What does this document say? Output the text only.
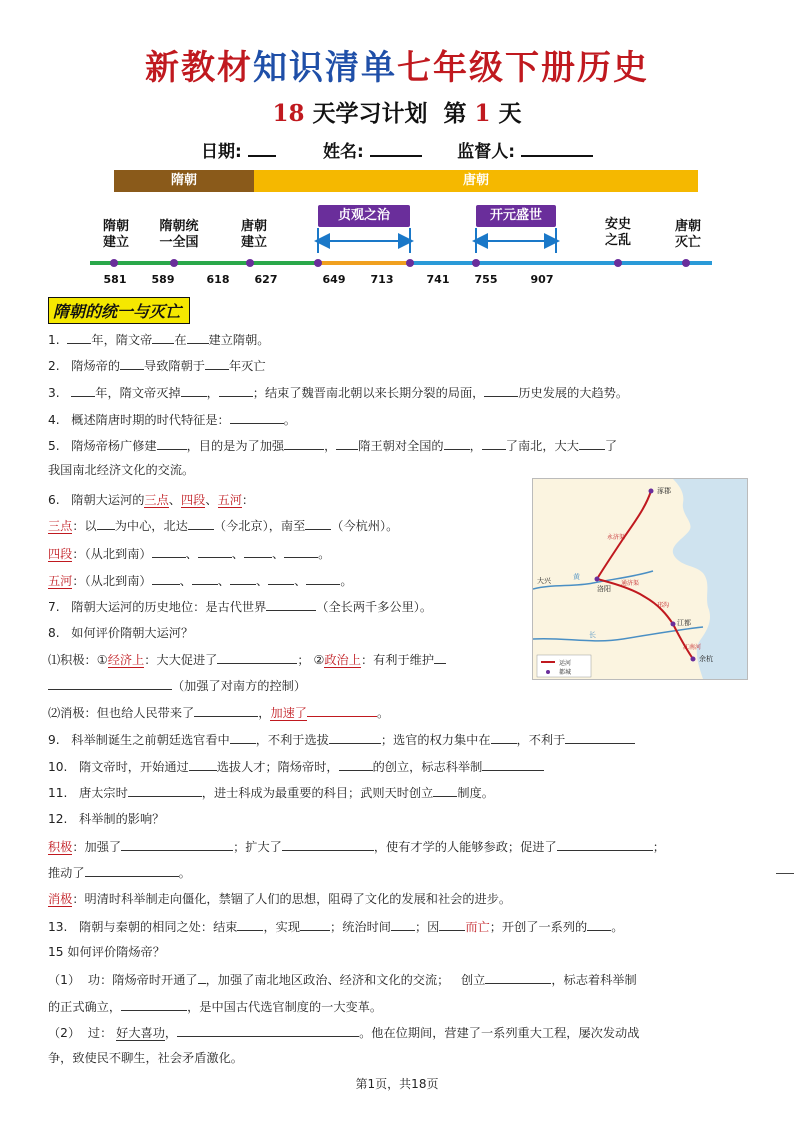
新教材知识清单七年级下册历史
18 天学习计划 第 1 天
日期:	姓名:	监督人:
隋朝	唐朝
隋朝
建立
隋朝统
一全国
唐朝
建立
安史
之乱
唐朝
灭亡
贞观之治	开元盛世
581	589	618	627	649	713	741	755	907
隋朝的统一与灭亡
1.	年，隋文帝 在 建立隋朝。
2. 隋炀帝的 导致隋朝于 年灭亡
3.	年，隋文帝灭掉 ，	；结束了魏晋南北朝以来长期分裂的局面，	历史发展的大趋势。
4. 概述隋唐时期的时代特征是：	。
5. 隋炀帝杨广修建 ，目的是为了加强	， 隋王朝对全国的 ， 了南北，大大 了
我国南北经济文化的交流。
6. 隋朝大运河的三点、四段、五河：
三点：以 为中心，北达 （今北京），南至 （今杭州）。
四段：（从北到南）	、	、 、	。
五河：（从北到南） 、 、 、 、	。
7. 隋朝大运河的历史地位：是古代世界	（全长两千多公里）。
8. 如何评价隋朝大运河？
⑴积极：①经济上：大大促进了	； ②政治上：有利于维护
（加强了对南方的控制）
⑵消极：但也给人民带来了	，加速了	。
9. 科举制诞生之前朝廷选官看中 ，不利于选拔	；选官的权力集中在 ，不利于
10. 隋文帝时，开始通过 选拔人才；隋炀帝时，	的创立，标志科举制
11. 唐太宗时	，进士科成为最重要的科目；武则天时创立 制度。
12. 科举制的影响？
积极：加强了	；扩大了	，使有才学的人能够参政；促进了	；
推动了	。
消极：明清时科举制走向僵化，禁锢了人们的思想，阻碍了文化的发展和社会的进步。
13. 隋朝与秦朝的相同之处：结束 ，实现 ；统治时间 ；因 而亡；开创了一系列的 。
15 如何评价隋炀帝？
（1） 功：隋炀帝时开通了 ，加强了南北地区政治、经济和文化的交流； 创立	，标志着科举制
的正式确立，	，是中国古代选官制度的一大变革。
（2） 过： 好大喜功，	。他在位期间，营建了一系列重大工程，屡次发动战
争，致使民不聊生，社会矛盾激化。
涿郡
洛阳
大兴
江都
余杭
通济渠
永济渠
邗沟
江南河
黄
长
运河
都城
第1页，共18页
